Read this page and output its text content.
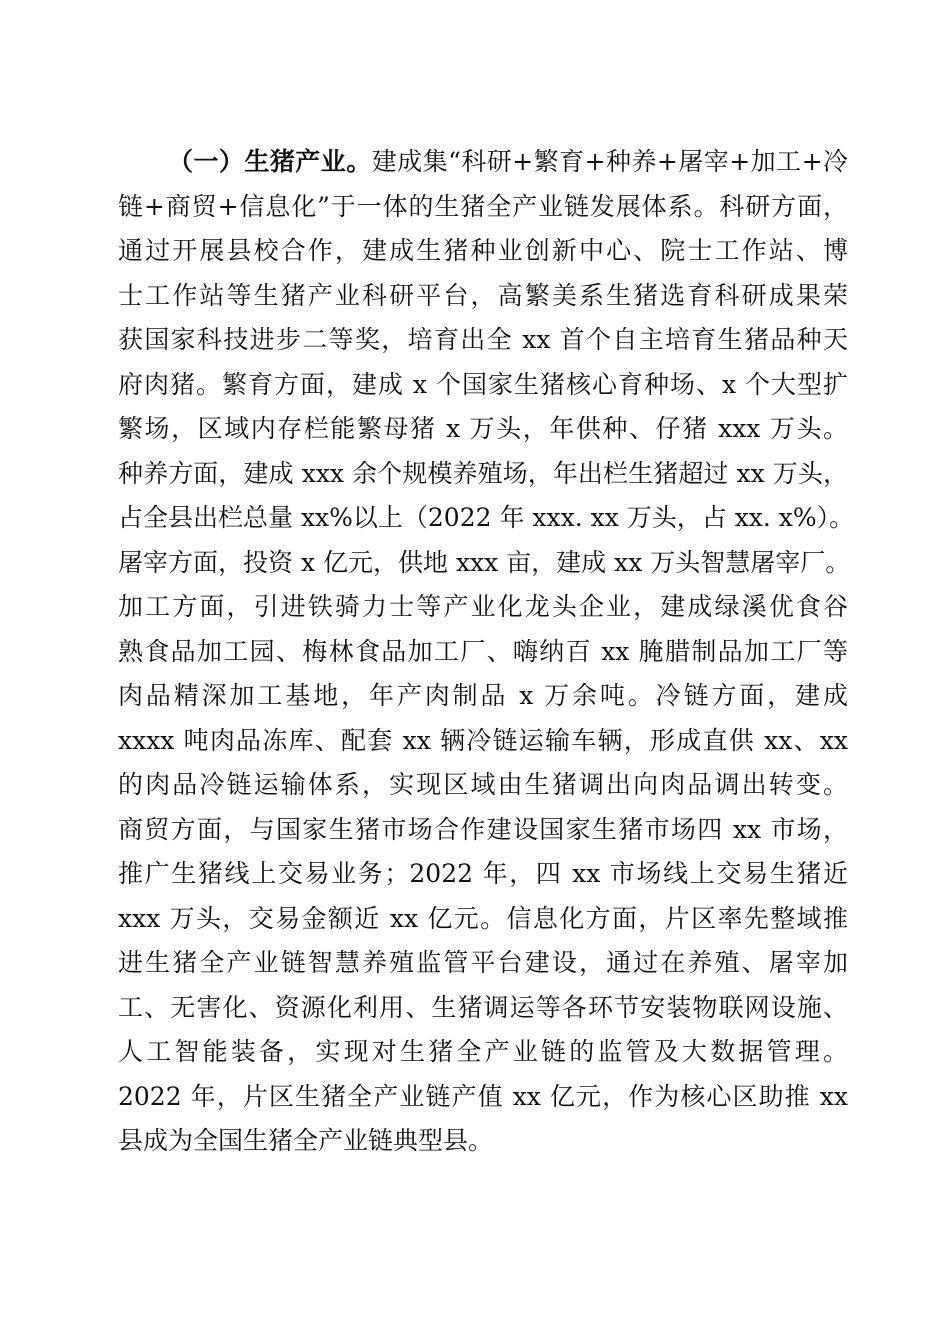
（一）生猪产业。建成集“科研+繁育+种养+屠宰+加工+冷
链+商贸+信息化”于一体的生猪全产业链发展体系。科研方面，
通过开展县校合作，建成生猪种业创新中心、院士工作站、博
士工作站等生猪产业科研平台，高繁美系生猪选育科研成果荣
获国家科技进步二等奖，培育出全 xx 首个自主培育生猪品种天
府肉猪。繁育方面，建成 x 个国家生猪核心育种场、x 个大型扩
繁场，区域内存栏能繁母猪 x 万头，年供种、仔猪 xxx 万头。
种养方面，建成 xxx 余个规模养殖场，年出栏生猪超过 xx 万头，
占全县出栏总量 xx%以上（2022 年 xxx. xx 万头，占 xx. x%）。
屠宰方面，投资 x 亿元，供地 xxx 亩，建成 xx 万头智慧屠宰厂。
加工方面，引进铁骑力士等产业化龙头企业，建成绿溪优食谷
熟食品加工园、梅林食品加工厂、嗨纳百 xx 腌腊制品加工厂等
肉品精深加工基地，年产肉制品 x 万余吨。冷链方面，建成
xxxx 吨肉品冻库、配套 xx 辆冷链运输车辆，形成直供 xx、xx
的肉品冷链运输体系，实现区域由生猪调出向肉品调出转变。
商贸方面，与国家生猪市场合作建设国家生猪市场四 xx 市场，
推广生猪线上交易业务；2022 年，四 xx 市场线上交易生猪近
xxx 万头，交易金额近 xx 亿元。信息化方面，片区率先整域推
进生猪全产业链智慧养殖监管平台建设，通过在养殖、屠宰加
工、无害化、资源化利用、生猪调运等各环节安装物联网设施、
人工智能装备，实现对生猪全产业链的监管及大数据管理。
2022 年，片区生猪全产业链产值 xx 亿元，作为核心区助推 xx
县成为全国生猪全产业链典型县。
